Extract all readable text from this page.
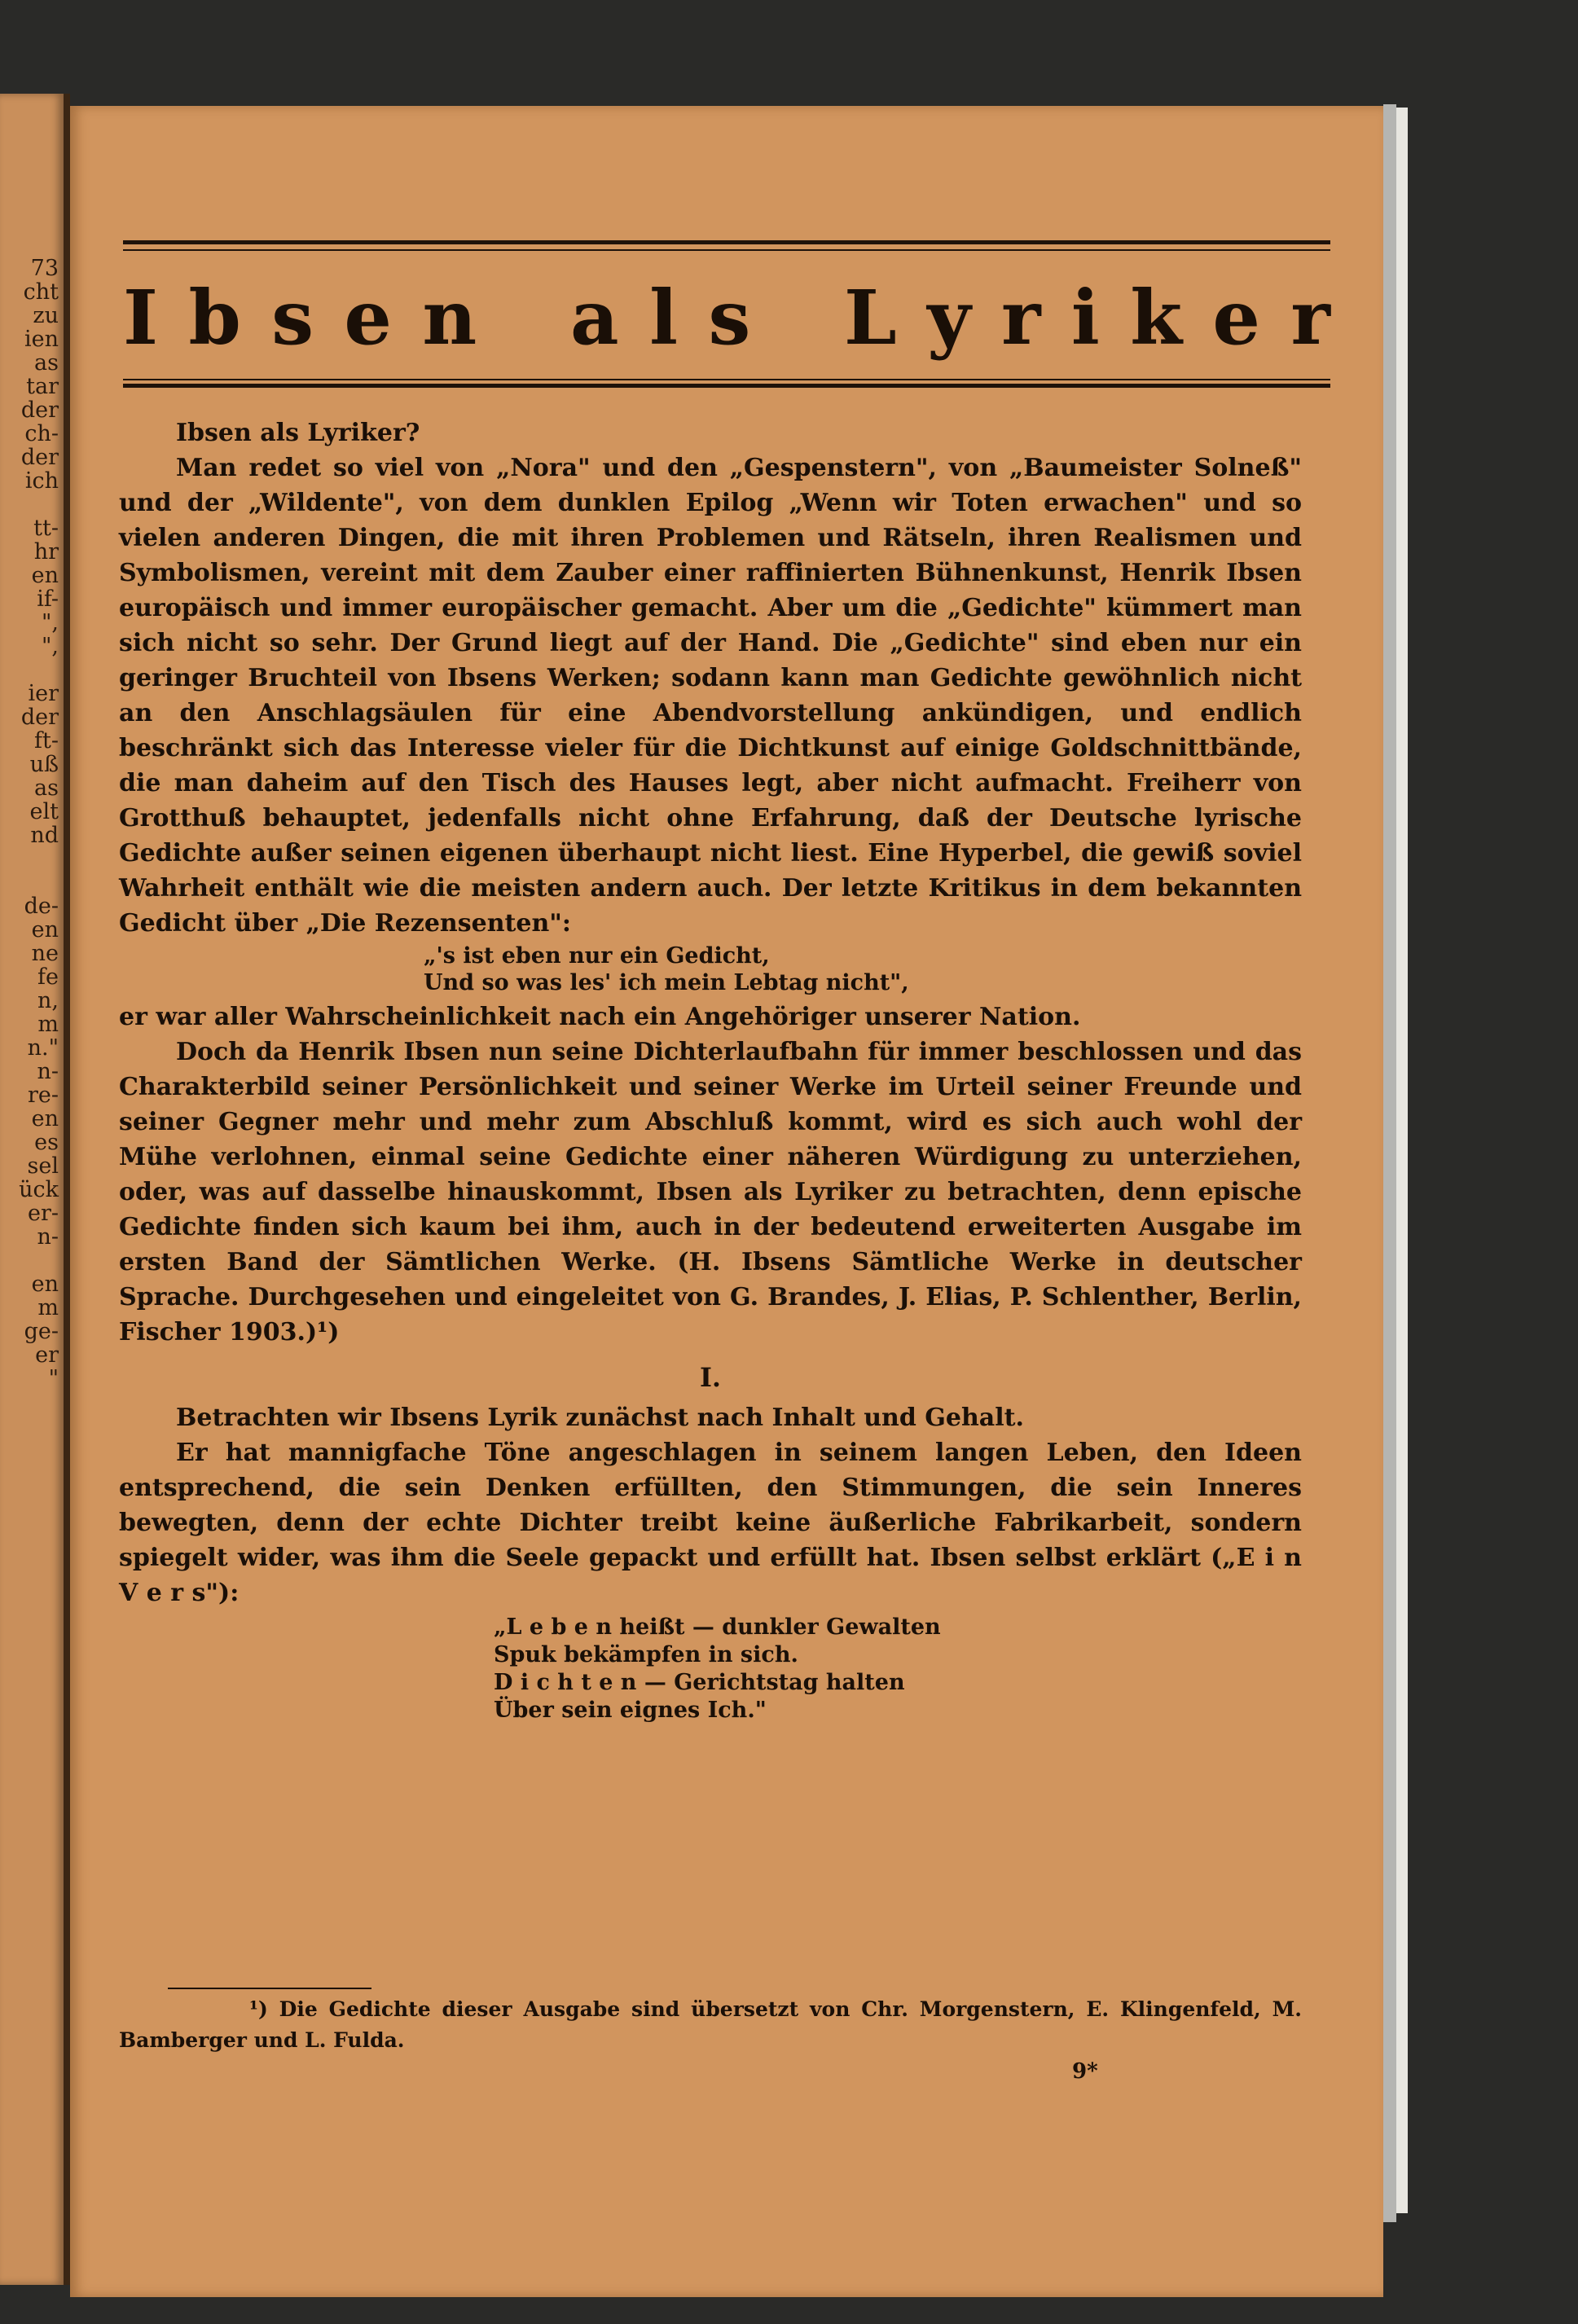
73
cht
zu
ien
as
tar
der
ch-
der
ich

tt-
hr
en
if-
",
",

ier
der
ft-
uß
as
elt
nd

de-
en
ne
fe
n,
m
n."
n-
re-
en
es
sel
ück
er-
n-

en
m
ge-
er
"
I b s e n a l s L y r i k e r

Ibsen als Lyriker?

Man redet so viel von „Nora" und den „Gespenstern", von „Baumeister Solneß" und der „Wildente", von dem dunklen Epilog „Wenn wir Toten erwachen" und so vielen anderen Dingen, die mit ihren Problemen und Rätseln, ihren Realismen und Symbolismen, vereint mit dem Zauber einer raffinierten Bühnenkunst, Henrik Ibsen europäisch und immer europäischer gemacht. Aber um die „Gedichte" kümmert man sich nicht so sehr. Der Grund liegt auf der Hand. Die „Gedichte" sind eben nur ein geringer Bruchteil von Ibsens Werken; sodann kann man Gedichte gewöhnlich nicht an den Anschlagsäulen für eine Abendvorstellung ankündigen, und endlich beschränkt sich das Interesse vieler für die Dichtkunst auf einige Goldschnittbände, die man daheim auf den Tisch des Hauses legt, aber nicht aufmacht. Freiherr von Grotthuß behauptet, jedenfalls nicht ohne Erfahrung, daß der Deutsche lyrische Gedichte außer seinen eigenen überhaupt nicht liest. Eine Hyperbel, die gewiß soviel Wahrheit enthält wie die meisten andern auch. Der letzte Kritikus in dem bekannten Gedicht über „Die Rezensenten":

„'s ist eben nur ein Gedicht,
Und so was les' ich mein Lebtag nicht",

er war aller Wahrscheinlichkeit nach ein Angehöriger unserer Nation.

Doch da Henrik Ibsen nun seine Dichterlaufbahn für immer beschlossen und das Charakterbild seiner Persönlichkeit und seiner Werke im Urteil seiner Freunde und seiner Gegner mehr und mehr zum Abschluß kommt, wird es sich auch wohl der Mühe verlohnen, einmal seine Gedichte einer näheren Würdigung zu unterziehen, oder, was auf dasselbe hinauskommt, Ibsen als Lyriker zu betrachten, denn epische Gedichte finden sich kaum bei ihm, auch in der bedeutend erweiterten Ausgabe im ersten Band der Sämtlichen Werke. (H. Ibsens Sämtliche Werke in deutscher Sprache. Durchgesehen und eingeleitet von G. Brandes, J. Elias, P. Schlenther, Berlin, Fischer 1903.)¹)

I.

Betrachten wir Ibsens Lyrik zunächst nach Inhalt und Gehalt.

Er hat mannigfache Töne angeschlagen in seinem langen Leben, den Ideen entsprechend, die sein Denken erfüllten, den Stimmungen, die sein Inneres bewegten, denn der echte Dichter treibt keine äußerliche Fabrikarbeit, sondern spiegelt wider, was ihm die Seele gepackt und erfüllt hat. Ibsen selbst erklärt („E i n V e r s"):

„L e b e n heißt — dunkler Gewalten
Spuk bekämpfen in sich.
D i c h t e n — Gerichtstag halten
Über sein eignes Ich."
¹) Die Gedichte dieser Ausgabe sind übersetzt von Chr. Morgenstern, E. Klingenfeld, M. Bamberger und L. Fulda.
9*
